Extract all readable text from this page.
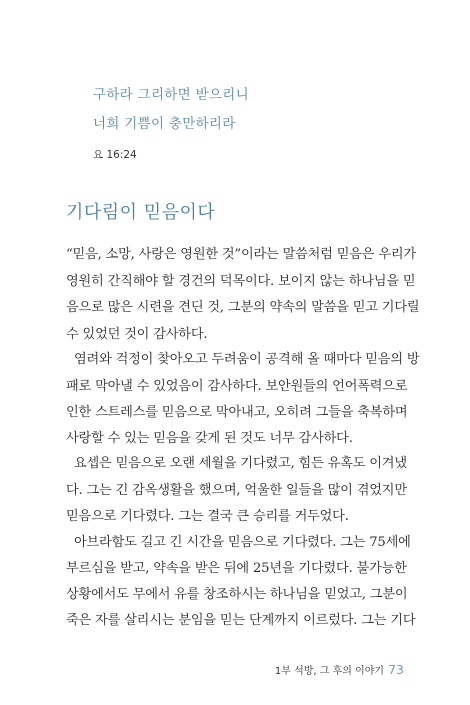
구하라 그리하면 받으리니
너희 기쁨이 충만하리라
요 16:24
기다림이 믿음이다
“믿음, 소망, 사랑은 영원한 것”이라는 말씀처럼 믿음은 우리가
영원히 간직해야 할 경건의 덕목이다. 보이지 않는 하나님을 믿
음으로 많은 시련을 견딘 것, 그분의 약속의 말씀을 믿고 기다릴
수 있었던 것이 감사하다.
염려와 걱정이 찾아오고 두려움이 공격해 올 때마다 믿음의 방
패로 막아낼 수 있었음이 감사하다. 보안원들의 언어폭력으로
인한 스트레스를 믿음으로 막아내고, 오히려 그들을 축복하며
사랑할 수 있는 믿음을 갖게 된 것도 너무 감사하다.
요셉은 믿음으로 오랜 세월을 기다렸고, 힘든 유혹도 이겨냈
다. 그는 긴 감옥생활을 했으며, 억울한 일들을 많이 겪었지만
믿음으로 기다렸다. 그는 결국 큰 승리를 거두었다.
아브라함도 길고 긴 시간을 믿음으로 기다렸다. 그는 75세에
부르심을 받고, 약속을 받은 뒤에 25년을 기다렸다. 불가능한
상황에서도 무에서 유를 창조하시는 하나님을 믿었고, 그분이
죽은 자를 살리시는 분임을 믿는 단계까지 이르렀다. 그는 기다
1부 석방, 그 후의 이야기 73
